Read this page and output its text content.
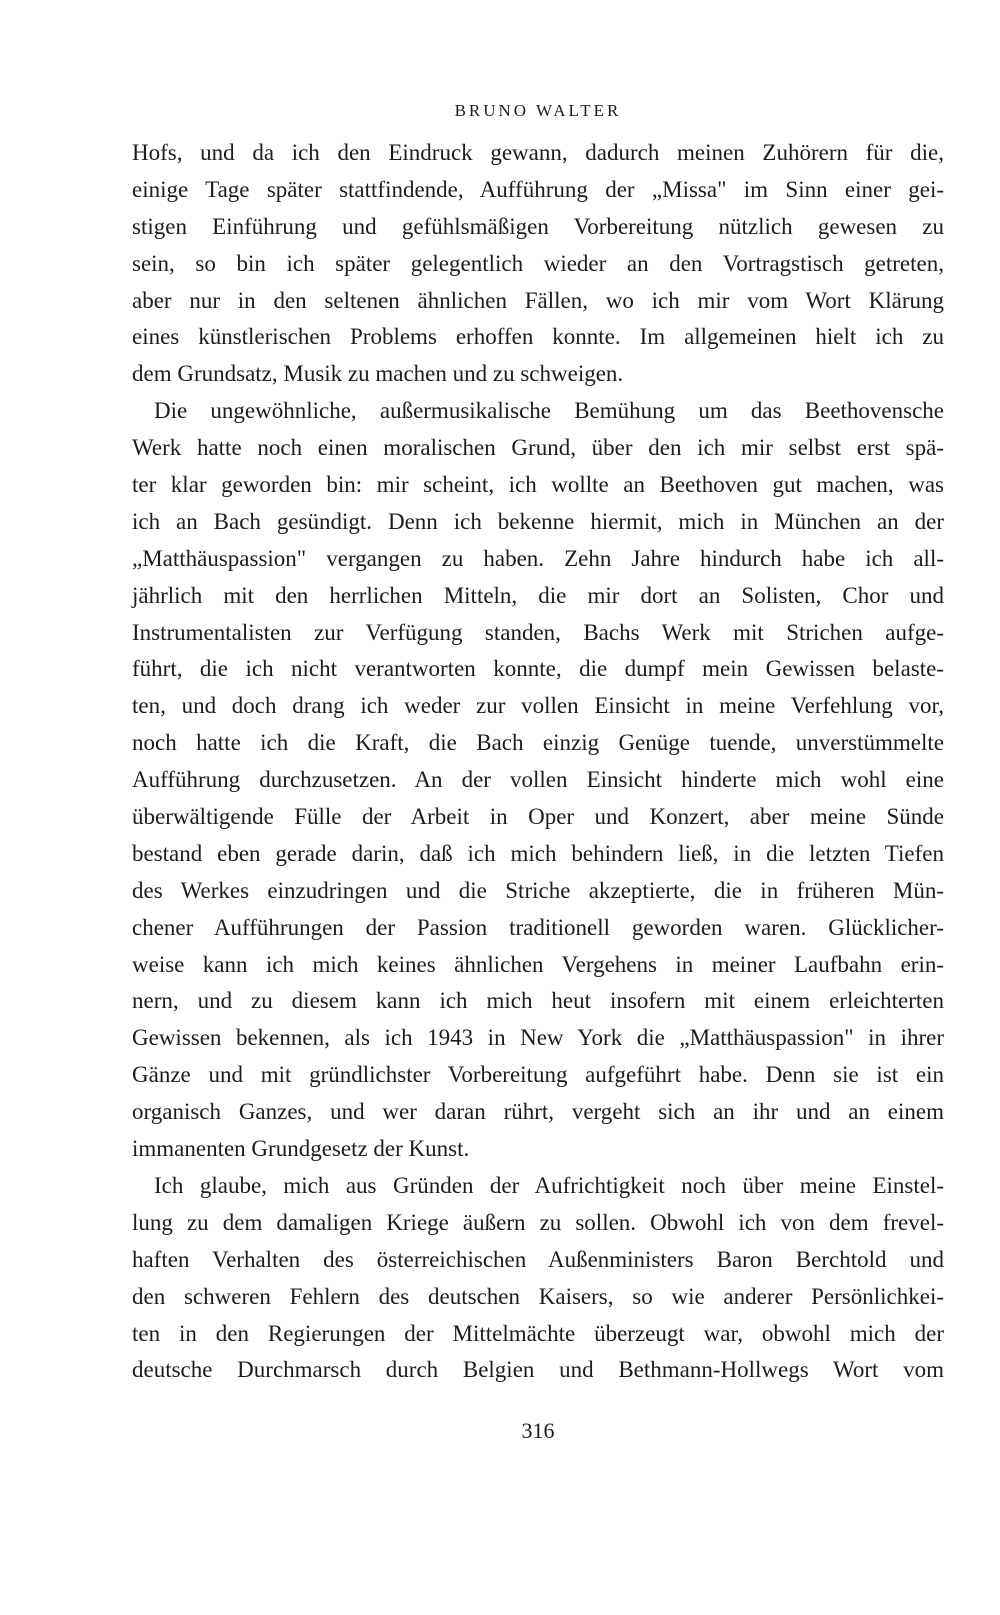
BRUNO WALTER
Hofs, und da ich den Eindruck gewann, dadurch meinen Zuhörern für die,
einige Tage später stattfindende, Aufführung der „Missa" im Sinn einer gei-
stigen Einführung und gefühlsmäßigen Vorbereitung nützlich gewesen zu
sein, so bin ich später gelegentlich wieder an den Vortragstisch getreten,
aber nur in den seltenen ähnlichen Fällen, wo ich mir vom Wort Klärung
eines künstlerischen Problems erhoffen konnte. Im allgemeinen hielt ich zu
dem Grundsatz, Musik zu machen und zu schweigen.
Die ungewöhnliche, außermusikalische Bemühung um das Beethovensche
Werk hatte noch einen moralischen Grund, über den ich mir selbst erst spä-
ter klar geworden bin: mir scheint, ich wollte an Beethoven gut machen, was
ich an Bach gesündigt. Denn ich bekenne hiermit, mich in München an der
„Matthäuspassion" vergangen zu haben. Zehn Jahre hindurch habe ich all-
jährlich mit den herrlichen Mitteln, die mir dort an Solisten, Chor und
Instrumentalisten zur Verfügung standen, Bachs Werk mit Strichen aufge-
führt, die ich nicht verantworten konnte, die dumpf mein Gewissen belaste-
ten, und doch drang ich weder zur vollen Einsicht in meine Verfehlung vor,
noch hatte ich die Kraft, die Bach einzig Genüge tuende, unverstümmelte
Aufführung durchzusetzen. An der vollen Einsicht hinderte mich wohl eine
überwältigende Fülle der Arbeit in Oper und Konzert, aber meine Sünde
bestand eben gerade darin, daß ich mich behindern ließ, in die letzten Tiefen
des Werkes einzudringen und die Striche akzeptierte, die in früheren Mün-
chener Aufführungen der Passion traditionell geworden waren. Glücklicher-
weise kann ich mich keines ähnlichen Vergehens in meiner Laufbahn erin-
nern, und zu diesem kann ich mich heut insofern mit einem erleichterten
Gewissen bekennen, als ich 1943 in New York die „Matthäuspassion" in ihrer
Gänze und mit gründlichster Vorbereitung aufgeführt habe. Denn sie ist ein
organisch Ganzes, und wer daran rührt, vergeht sich an ihr und an einem
immanenten Grundgesetz der Kunst.
Ich glaube, mich aus Gründen der Aufrichtigkeit noch über meine Einstel-
lung zu dem damaligen Kriege äußern zu sollen. Obwohl ich von dem frevel-
haften Verhalten des österreichischen Außenministers Baron Berchtold und
den schweren Fehlern des deutschen Kaisers, so wie anderer Persönlichkei-
ten in den Regierungen der Mittelmächte überzeugt war, obwohl mich der
deutsche Durchmarsch durch Belgien und Bethmann-Hollwegs Wort vom
316
